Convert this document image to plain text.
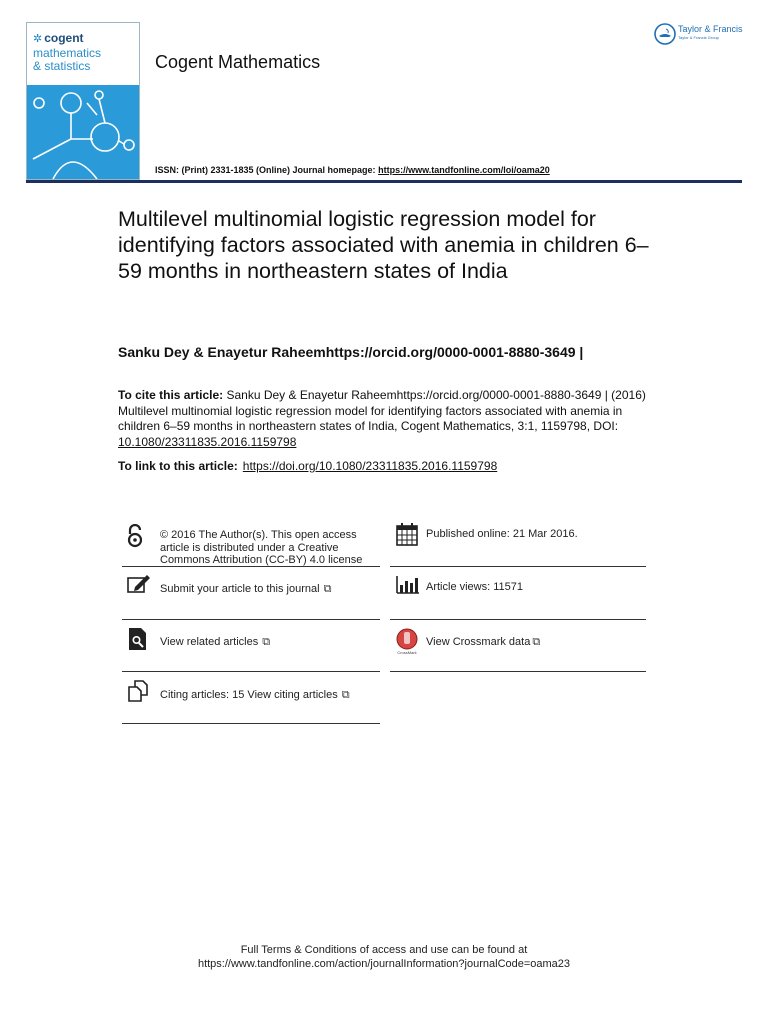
✲ cogent
mathematics
& statistics	Cogent Mathematics
Taylor & Francis
Taylor & Francis Group
ISSN: (Print) 2331-1835 (Online) Journal homepage: https://www.tandfonline.com/loi/oama20
Multilevel multinomial logistic regression model for identifying factors associated with anemia in children 6–59 months in northeastern states of India
Sanku Dey & Enayetur Raheemhttps://orcid.org/0000-0001-8880-3649 |
To cite this article: Sanku Dey & Enayetur Raheemhttps://orcid.org/0000-0001-8880-3649 | (2016) Multilevel multinomial logistic regression model for identifying factors associated with anemia in children 6–59 months in northeastern states of India, Cogent Mathematics, 3:1, 1159798, DOI: 10.1080/23311835.2016.1159798
To link to this article: https://doi.org/10.1080/23311835.2016.1159798
© 2016 The Author(s). This open access
article is distributed under a Creative
Commons Attribution (CC-BY) 4.0 license
Submit your article to this journal ⧉
View related articles ⧉
Citing articles: 15 View citing articles ⧉
Published online: 21 Mar 2016.
Article views: 11571
CrossMark
View Crossmark data ⧉
Full Terms & Conditions of access and use can be found at
https://www.tandfonline.com/action/journalInformation?journalCode=oama23
